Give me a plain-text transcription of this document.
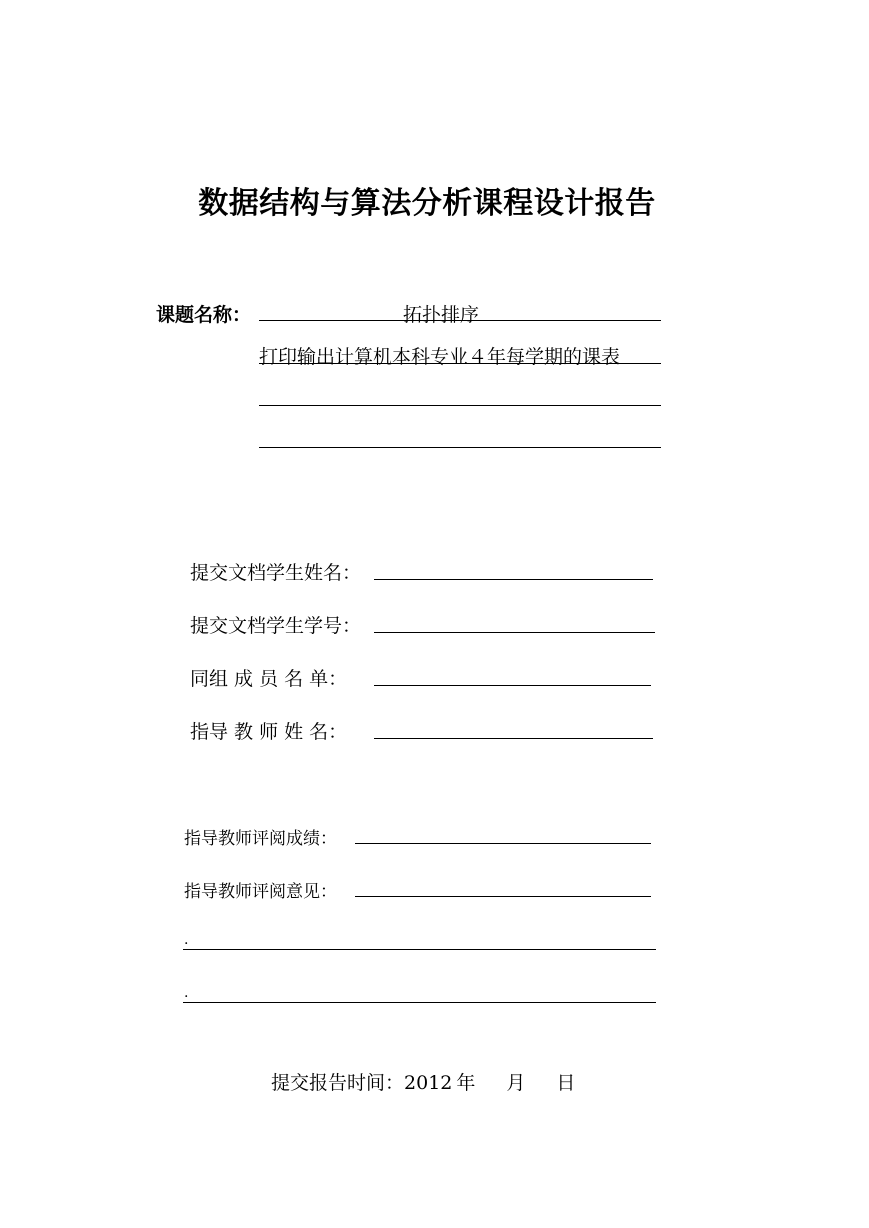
数据结构与算法分析课程设计报告
课题名称：	拓扑排序
打印输出计算机本科专业４年每学期的课表
提交文档学生姓名：
提交文档学生学号：
同组 成 员 名 单：
指导 教 师 姓 名：
指导教师评阅成绩：
指导教师评阅意见：
.
.
提交报告时间：2012 年 月 日
